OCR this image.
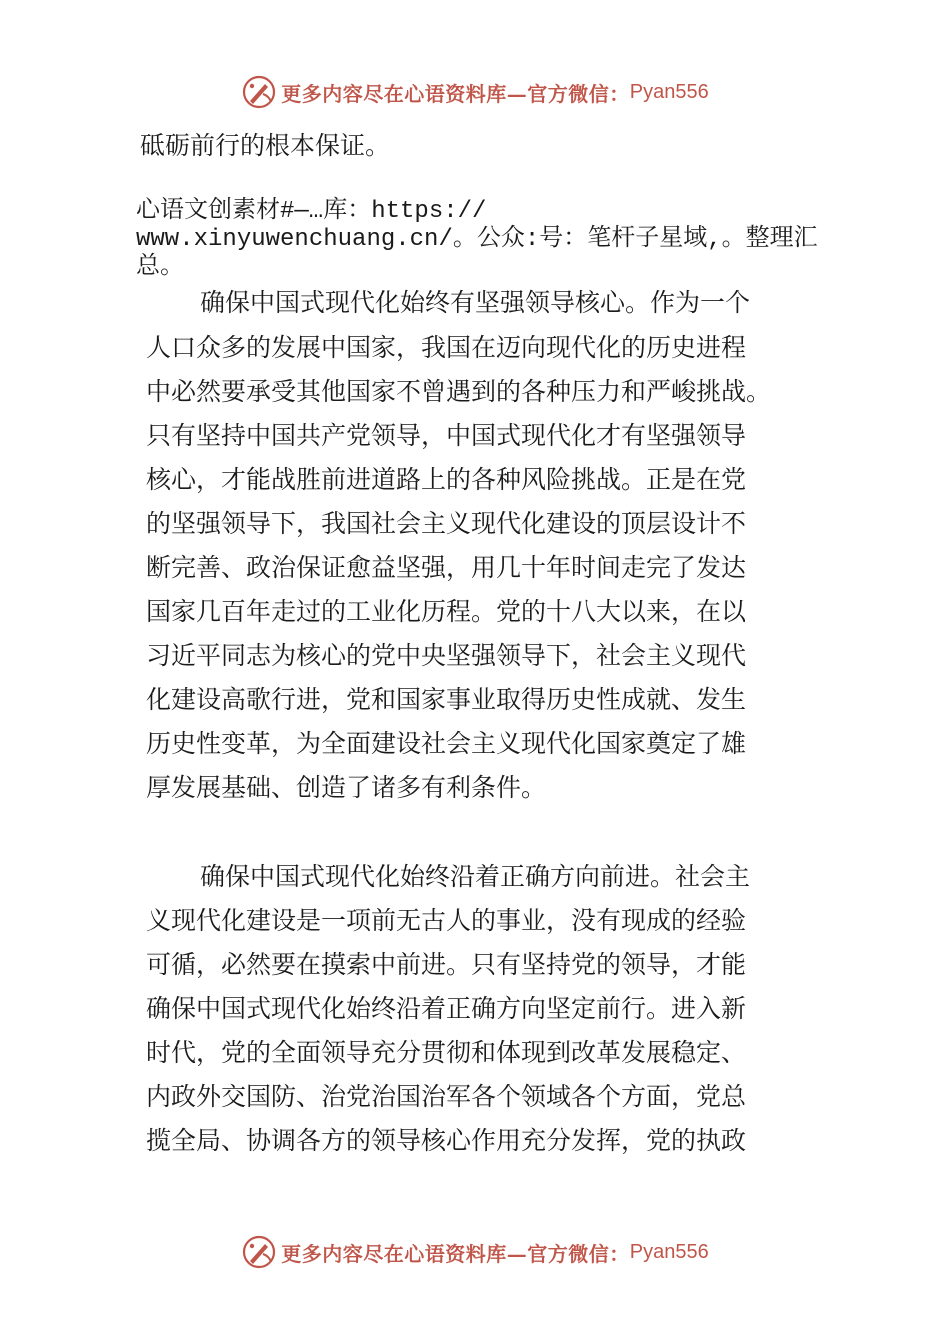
更多内容尽在心语资料库—官方微信： Pyan556
砥砺前行的根本保证。
心语文创素材#—…库：https://
www.xinyuwenchuang.cn/。公众:号：笔杆子星域,。整理汇
总。
确保中国式现代化始终有坚强领导核心。作为一个
人口众多的发展中国家，我国在迈向现代化的历史进程
中必然要承受其他国家不曾遇到的各种压力和严峻挑战。
只有坚持中国共产党领导，中国式现代化才有坚强领导
核心，才能战胜前进道路上的各种风险挑战。正是在党
的坚强领导下，我国社会主义现代化建设的顶层设计不
断完善、政治保证愈益坚强，用几十年时间走完了发达
国家几百年走过的工业化历程。党的十八大以来，在以
习近平同志为核心的党中央坚强领导下，社会主义现代
化建设高歌行进，党和国家事业取得历史性成就、发生
历史性变革，为全面建设社会主义现代化国家奠定了雄
厚发展基础、创造了诸多有利条件。
确保中国式现代化始终沿着正确方向前进。社会主
义现代化建设是一项前无古人的事业，没有现成的经验
可循，必然要在摸索中前进。只有坚持党的领导，才能
确保中国式现代化始终沿着正确方向坚定前行。进入新
时代，党的全面领导充分贯彻和体现到改革发展稳定、
内政外交国防、治党治国治军各个领域各个方面，党总
揽全局、协调各方的领导核心作用充分发挥，党的执政
更多内容尽在心语资料库—官方微信： Pyan556
